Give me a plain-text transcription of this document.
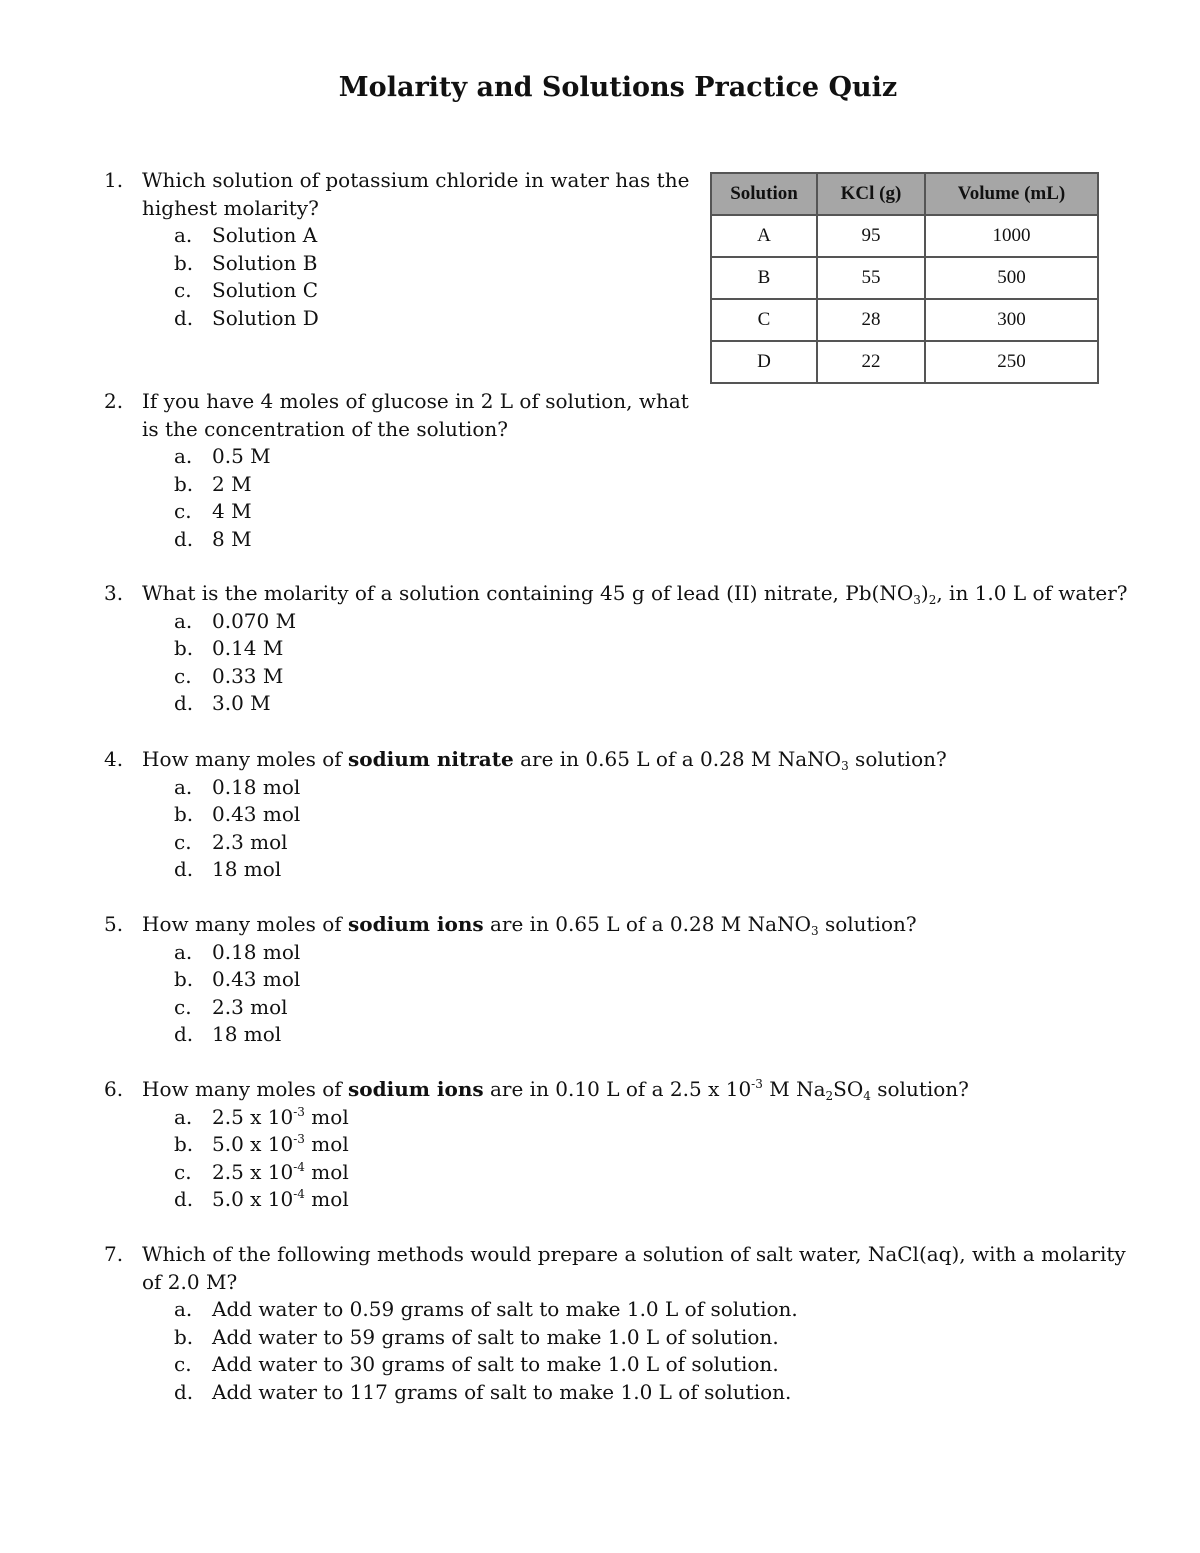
Molarity and Solutions Practice Quiz
1. Which solution of potassium chloride in water has the highest molarity?
a. Solution A
b. Solution B
c.	Solution C
d. Solution D
Solution	KCl (g)	Volume (mL)
A	95	1000
B	55	500
C	28	300
D	22	250
2. If you have 4 moles of glucose in 2 L of solution, what is the concentration of the solution?
a. 0.5 M
b. 2 M
c.	4 M
d. 8 M
3. What is the molarity of a solution containing 45 g of lead (II) nitrate, $Pb(NO_3)_2$, in 1.0 L of water?
a. 0.070 M
b. 0.14 M
c.	0.33 M
d. 3.0 M
4. How many moles of sodium nitrate are in 0.65 L of a 0.28 M NaNO$_3$ solution?
a. 0.18 mol
b. 0.43 mol
c.	2.3 mol
d. 18 mol
5. How many moles of sodium ions are in 0.65 L of a 0.28 M NaNO$_3$ solution?
a. 0.18 mol
b. 0.43 mol
c.	2.3 mol
d. 18 mol
6. How many moles of sodium ions are in 0.10 L of a 2.5 x $10^{-3}$ M $Na_2SO_4$ solution?
a. 2.5 x $10^{-3}$ mol
b. 5.0 x $10^{-3}$ mol
c.	2.5 x $10^{-4}$ mol
d. 5.0 x $10^{-4}$ mol
7. Which of the following methods would prepare a solution of salt water, NaCl(aq), with a molarity of 2.0 M?
a. Add water to 0.59 grams of salt to make 1.0 L of solution.
b. Add water to 59 grams of salt to make 1.0 L of solution.
c.	Add water to 30 grams of salt to make 1.0 L of solution.
d. Add water to 117 grams of salt to make 1.0 L of solution.
